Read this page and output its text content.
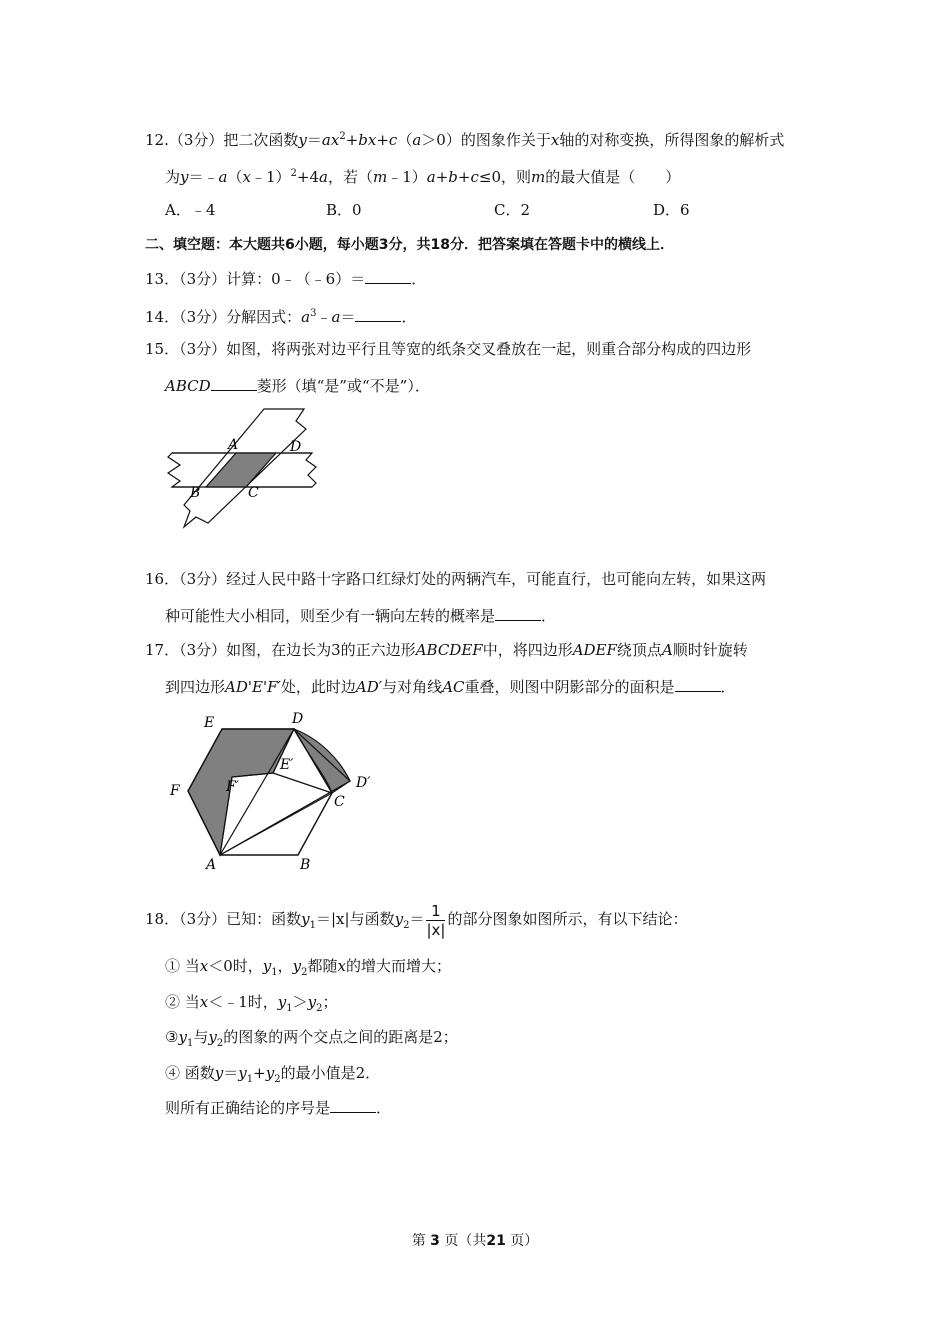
12.（3分）把二次函数$y=ax^2+bx+c(a>0)$的图象作关于x轴的对称变换，所得图象的解析式
为y＝﹣a（x﹣1）$^2$+4a，若（m﹣1）a+b+c≤0，则m的最大值是（　　）
A．﹣4	B．0	C．2	D．6
二、填空题：本大题共6小题，每小题3分，共18分．把答案填在答题卡中的横线上．
13．（3分）计算：0﹣（﹣6）＝	．
14．（3分）分解因式：$a^3﹣a=$	．
15．（3分）如图，将两张对边平行且等宽的纸条交叉叠放在一起，则重合部分构成的四边形
ABCD	菱形（填“是”或“不是”）．
A	D
B	C
16．（3分）经过人民中路十字路口红绿灯处的两辆汽车，可能直行，也可能向左转，如果这两
种可能性大小相同，则至少有一辆向左转的概率是	．
17．（3分）如图，在边长为3的正六边形ABCDEF中，将四边形ADEF绕顶点A顺时针旋转
到四边形AD'E'F′处，此时边AD′与对角线AC重叠，则图中阴影部分的面积是	．
E	D
E′
D′
F	F′
C
A	B
18．（3分）已知：函数$y_1=|x|$与函数$y_2= \frac{1}{|x|}$ 的部分图象如图所示，有以下结论：
① 当x＜0时，$y_1$，$y_2$都随x的增大而增大；
② 当x＜﹣1时，$y_1>y_2$；
$③y_1$与$y_2$的图象的两个交点之间的距离是2；
④ 函数$y=y_1+y_2$的最小值是2．
则所有正确结论的序号是	．
第 3 页（共21 页）
